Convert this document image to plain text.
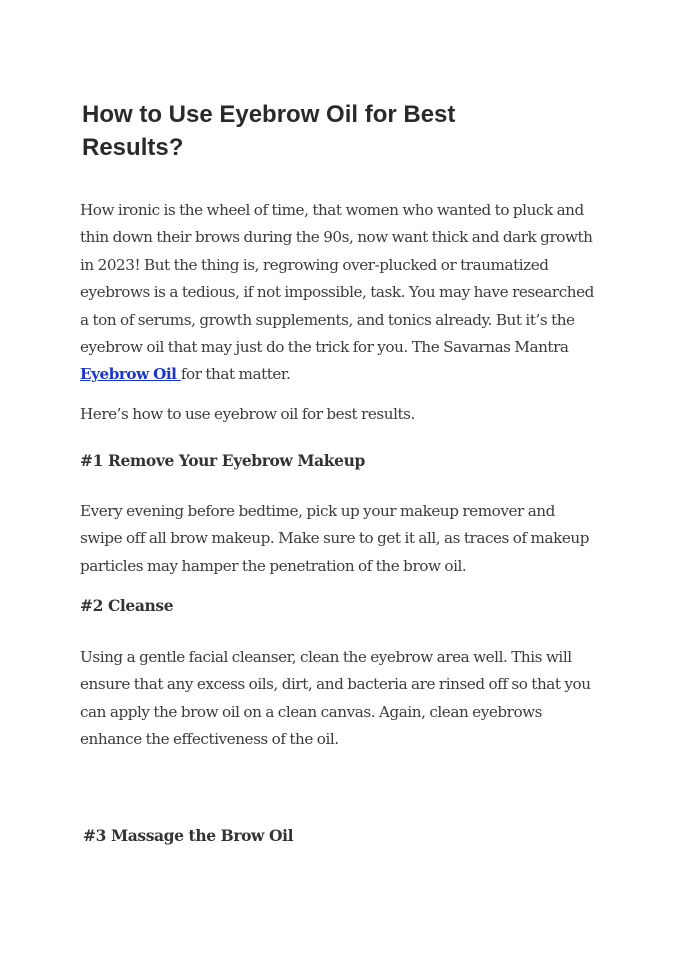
How to Use Eyebrow Oil for Best
Results?

How ironic is the wheel of time, that women who wanted to pluck and thin down their brows during the 90s, now want thick and dark growth in 2023! But the thing is, regrowing over-plucked or traumatized eyebrows is a tedious, if not impossible, task. You may have researched a ton of serums, growth supplements, and tonics already. But it’s the eyebrow oil that may just do the trick for you. The Savarnas Mantra Eyebrow Oil for that matter.

Here’s how to use eyebrow oil for best results.

#1 Remove Your Eyebrow Makeup

Every evening before bedtime, pick up your makeup remover and swipe off all brow makeup. Make sure to get it all, as traces of makeup particles may hamper the penetration of the brow oil.

#2 Cleanse

Using a gentle facial cleanser, clean the eyebrow area well. This will ensure that any excess oils, dirt, and bacteria are rinsed off so that you can apply the brow oil on a clean canvas. Again, clean eyebrows enhance the effectiveness of the oil.

#3 Massage the Brow Oil
